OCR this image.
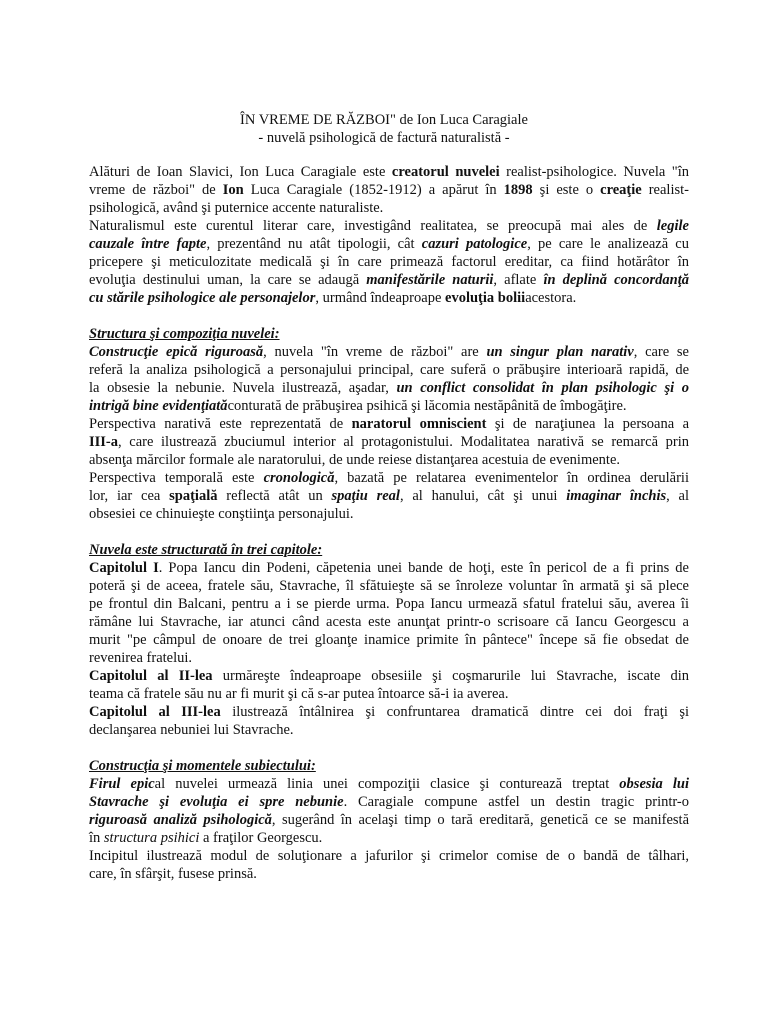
ÎN VREME DE RĂZBOI" de Ion Luca Caragiale
- nuvelă psihologică de factură naturalistă -
Alături de Ioan Slavici, Ion Luca Caragiale este creatorul nuvelei realist-psihologice. Nuvela "în
vreme de război" de Ion Luca Caragiale (1852-1912) a apărut în 1898 şi este o creaţie realist-
psihologică, având şi puternice accente naturaliste.
Naturalismul este curentul literar care, investigând realitatea, se preocupă mai ales de legile
cauzale între fapte, prezentând nu atât tipologii, cât cazuri patologice, pe care le analizează cu
pricepere şi meticulozitate medicală şi în care primează factorul ereditar, ca fiind hotărâtor în
evoluţia destinului uman, la care se adaugă manifestările naturii, aflate în deplină concordanţă
cu stările psihologice ale personajelor, urmând îndeaproape evoluţia boliiacestora.
Structura şi compoziţia nuvelei:
Construcţie epică riguroasă, nuvela "în vreme de război" are un singur plan narativ, care se
referă la analiza psihologică a personajului principal, care suferă o prăbuşire interioară rapidă, de
la obsesie la nebunie. Nuvela ilustrează, aşadar, un conflict consolidat în plan psihologic şi o
intrigă bine evidenţiatăconturată de prăbuşirea psihică şi lăcomia nestăpânită de îmbogăţire.
Perspectiva narativă este reprezentată de naratorul omniscient şi de naraţiunea la persoana a
III-a, care ilustrează zbuciumul interior al protagonistului. Modalitatea narativă se remarcă prin
absenţa mărcilor formale ale naratorului, de unde reiese distanţarea acestuia de evenimente.
Perspectiva temporală este cronologică, bazată pe relatarea evenimentelor în ordinea derulării
lor, iar cea spaţială reflectă atât un spaţiu real, al hanului, cât şi unui imaginar închis, al
obsesiei ce chinuieşte conştiinţa personajului.
Nuvela este structurată în trei capitole:
Capitolul I. Popa Iancu din Podeni, căpetenia unei bande de hoţi, este în pericol de a fi prins de
poteră şi de aceea, fratele său, Stavrache, îl sfătuieşte să se înroleze voluntar în armată şi să plece
pe frontul din Balcani, pentru a i se pierde urma. Popa Iancu urmează sfatul fratelui său, averea îi
rămâne lui Stavrache, iar atunci când acesta este anunţat printr-o scrisoare că Iancu Georgescu a
murit "pe câmpul de onoare de trei gloanţe inamice primite în pântece" începe să fie obsedat de
revenirea fratelui.
Capitolul al II-lea urmăreşte îndeaproape obsesiile şi coşmarurile lui Stavrache, iscate din
teama că fratele său nu ar fi murit şi că s-ar putea întoarce să-i ia averea.
Capitolul al III-lea ilustrează întâlnirea şi confruntarea dramatică dintre cei doi fraţi şi
declanşarea nebuniei lui Stavrache.
Construcţia şi momentele subiectului:
Firul epical nuvelei urmează linia unei compoziţii clasice şi conturează treptat obsesia lui
Stavrache şi evoluţia ei spre nebunie. Caragiale compune astfel un destin tragic printr-o
riguroasă analiză psihologică, sugerând în acelaşi timp o tară ereditară, genetică ce se manifestă
în structura psihici a fraţilor Georgescu.
Incipitul ilustrează modul de soluţionare a jafurilor şi crimelor comise de o bandă de tâlhari,
care, în sfârşit, fusese prinsă.
